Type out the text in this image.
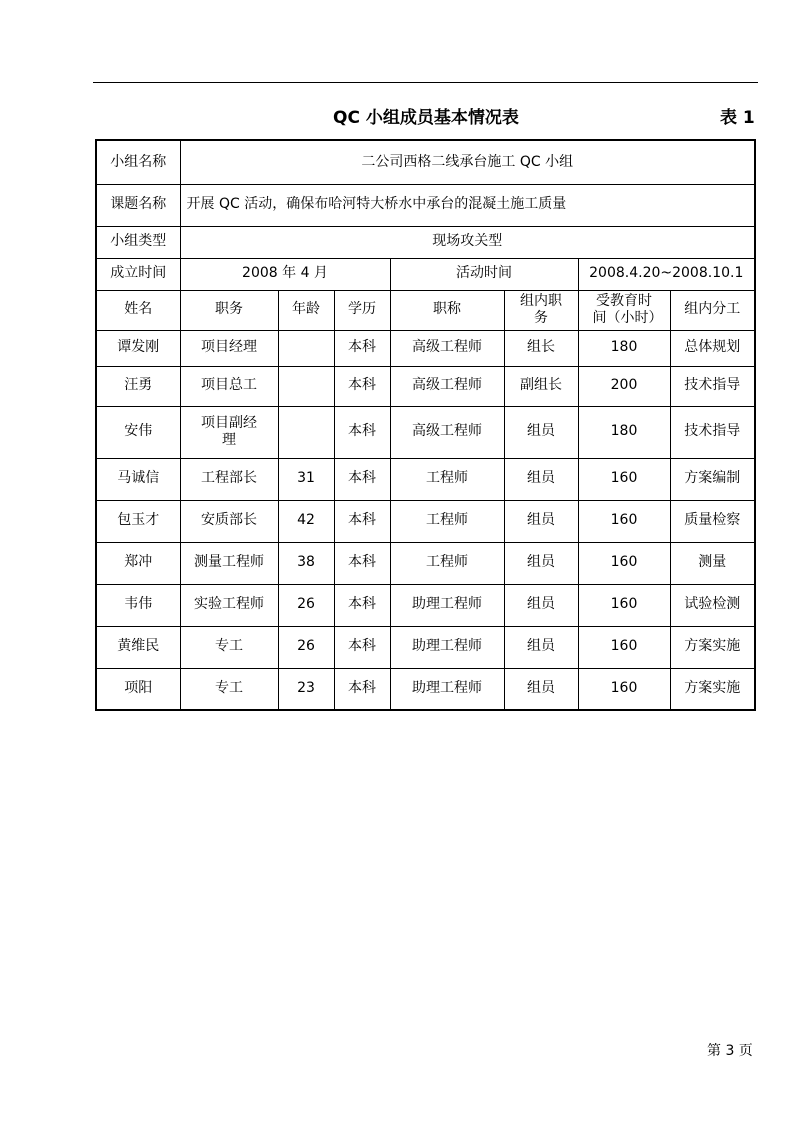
QC 小组成员基本情况表	表 1
小组名称	二公司西格二线承台施工 QC 小组						
课题名称	开展 QC 活动，确保布哈河特大桥水中承台的混凝土施工质量						
小组类型	现场攻关型						
成立时间	2008 年 4 月			活动时间		2008.4.20~2008.10.1	
姓名	职务	年龄	学历	职称	组内职务	受教育时间（小时）	组内分工
谭发刚	项目经理		本科	高级工程师	组长	180	总体规划
汪勇	项目总工		本科	高级工程师	副组长	200	技术指导
安伟	项目副经理		本科	高级工程师	组员	180	技术指导
马诚信	工程部长	31	本科	工程师	组员	160	方案编制
包玉才	安质部长	42	本科	工程师	组员	160	质量检察
郑冲	测量工程师	38	本科	工程师	组员	160	测量
韦伟	实验工程师	26	本科	助理工程师	组员	160	试验检测
黄维民	专工	26	本科	助理工程师	组员	160	方案实施
项阳	专工	23	本科	助理工程师	组员	160	方案实施
第 3 页
